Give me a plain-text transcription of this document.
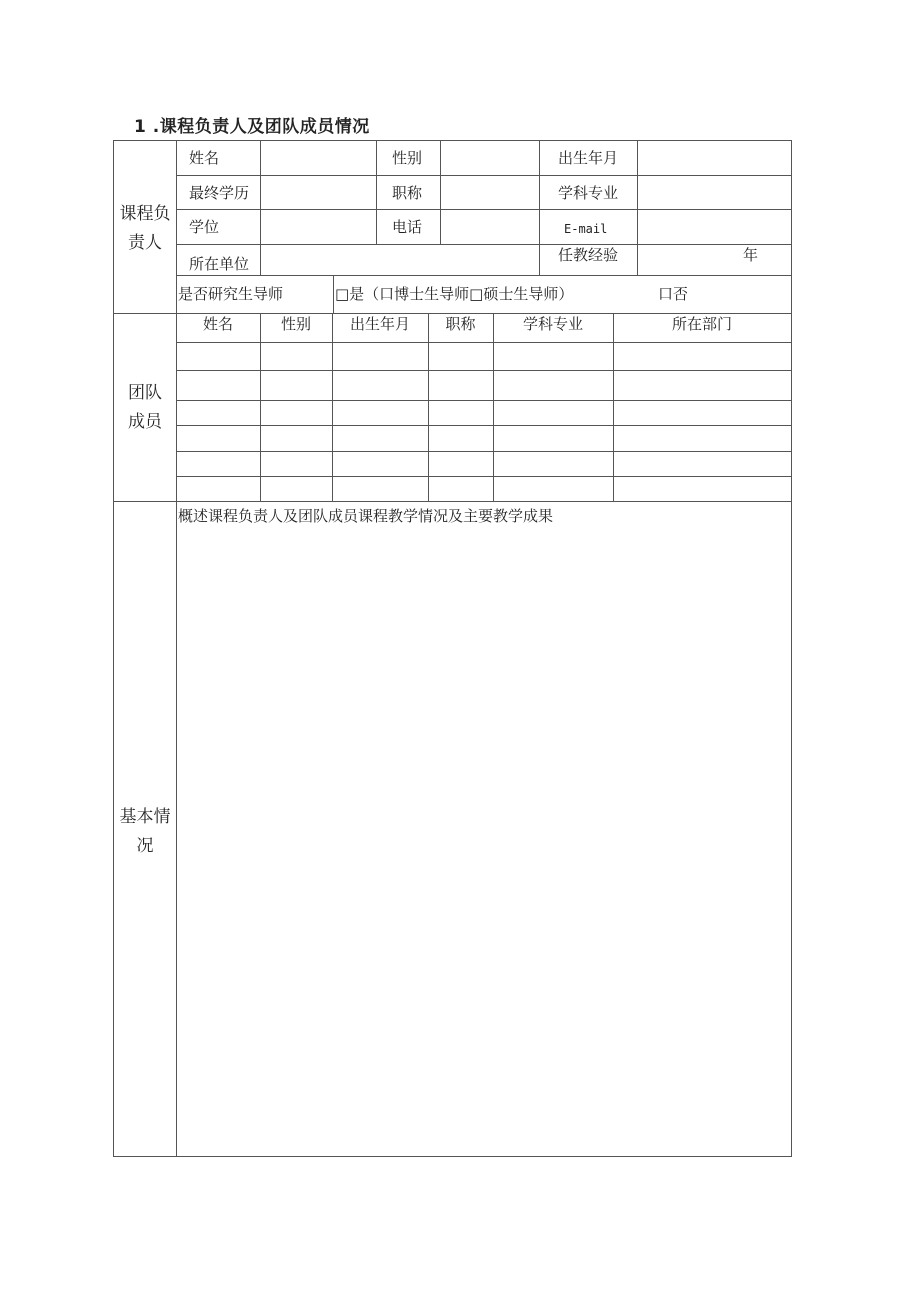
1 .课程负责人及团队成员情况
课程负
责人
姓名	性别	出生年月
最终学历	职称	学科专业
学位	电话	E-mail
所在单位	任教经验	年
是否研究生导师	□是（口博士生导师□硕士生导师）	口否
团队
成员
姓名	性别	出生年月	职称	学科专业	所在部门
基本情
况
概述课程负责人及团队成员课程教学情况及主要教学成果
